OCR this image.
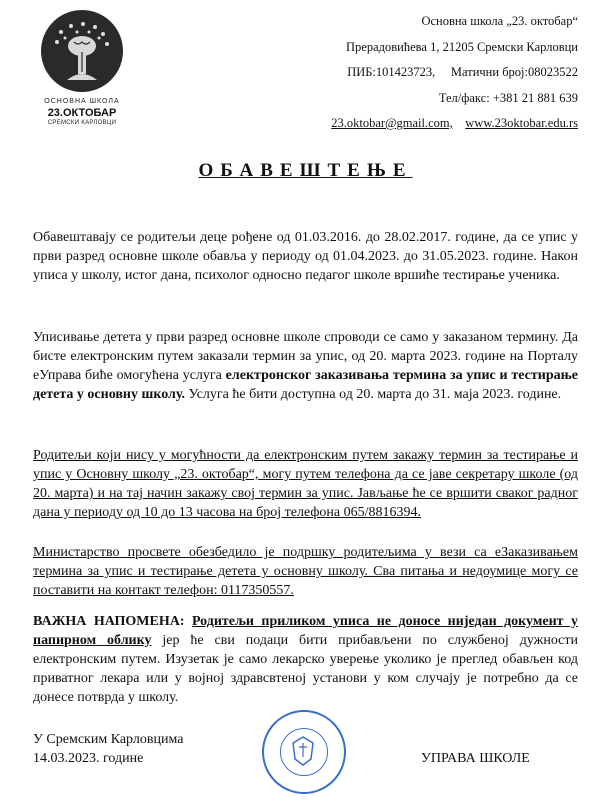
ОСНОВНА ШКОЛА
23.ОКТОБАР
СРЕМСКИ КАРЛОВЦИ
Основна школа „23. октобар“
Прерадовићева 1, 21205 Сремски Карловци
ПИБ:101423723,     Матични број:08023522
Тел/факс: +381 21 881 639
23.oktobar@gmail.com, www.23oktobar.edu.rs
ОБАВЕШТЕЊЕ
Обавештавају се родитељи деце рођене од 01.03.2016. до 28.02.2017. године, да се упис у први разред основне школе обавља у периоду од 01.04.2023. до 31.05.2023. године. Након уписа у школу, истог дана, психолог односно педагог школе вршиће тестирање ученика.
Уписивање детета у први разред основне школе спроводи се само у заказаном термину. Да бисте електронским путем заказали термин за упис, од 20. марта 2023. године на Порталу еУправа биће омогућена услуга електронског заказивања термина за упис и тестирање детета у основну школу. Услуга ће бити доступна од 20. марта до 31. маја 2023. године.
Родитељи који нису у могућности да електронским путем закажу термин за тестирање и упис у Основну школу „23. октобар“, могу путем телефона да се јаве секретару школе (од 20. марта) и на тај начин закажу свој термин за упис. Јављање ће се вршити сваког радног дана у периоду од 10 до 13 часова на број телефона 065/8816394.
Министарство просвете обезбедило је подршку родитељима у вези са еЗаказивањем термина за упис и тестирање детета у основну школу. Сва питања и недоумице могу се поставити на контакт телефон: 0117350557.
ВАЖНА НАПОМЕНА: Родитељи приликом уписа не доносе ниједан документ у папирном облику јер ће сви подаци бити прибављени по службеној дужности електронским путем. Изузетак је само лекарско уверење уколико је преглед обављен код приватног лекара или у војној здравсвтеној установи у ком случају је потребно да се донесе потврда у школу.
У Сремским Карловцима
14.03.2023. године	УПРАВА ШКОЛЕ
